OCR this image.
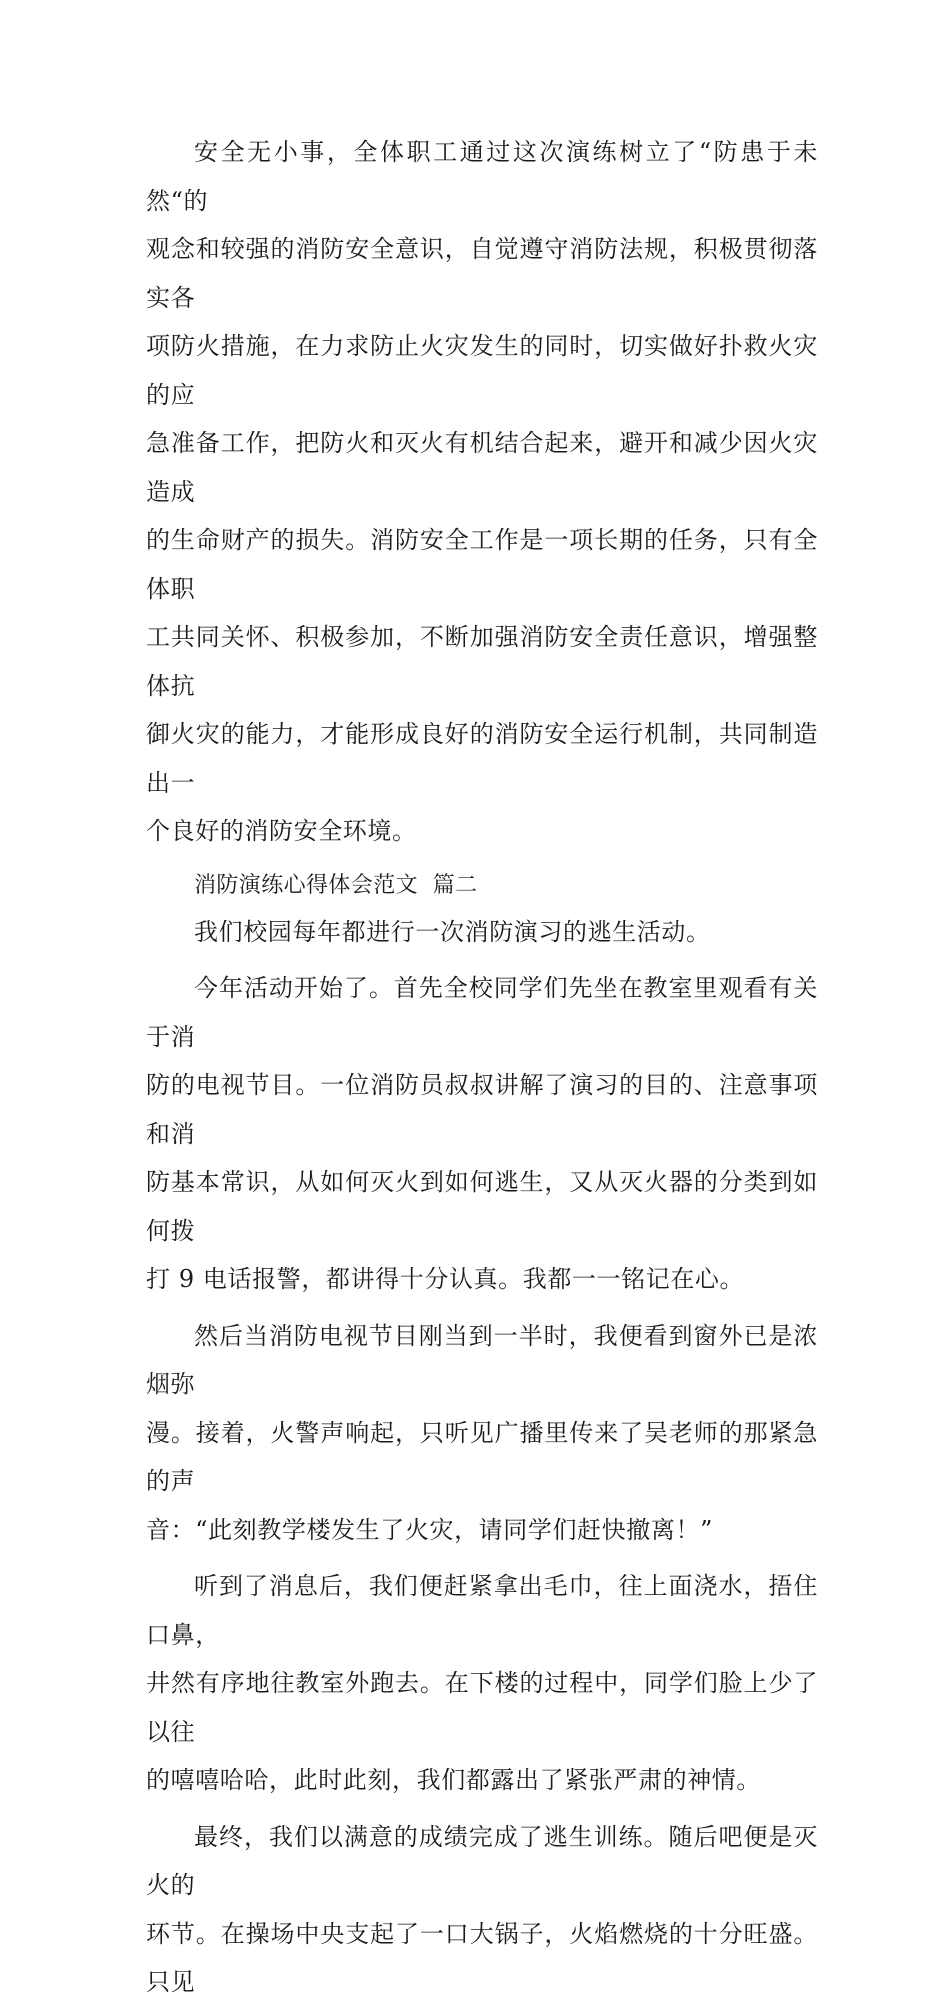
安全无小事，全体职工通过这次演练树立了“防患于未然“的
观念和较强的消防安全意识，自觉遵守消防法规，积极贯彻落实各
项防火措施，在力求防止火灾发生的同时，切实做好扑救火灾的应
急准备工作，把防火和灭火有机结合起来，避开和减少因火灾造成
的生命财产的损失。消防安全工作是一项长期的任务，只有全体职
工共同关怀、积极参加，不断加强消防安全责任意识，增强整体抗
御火灾的能力，才能形成良好的消防安全运行机制，共同制造出一
个良好的消防安全环境。

消防演练心得体会范文  篇二

我们校园每年都进行一次消防演习的逃生活动。

今年活动开始了。首先全校同学们先坐在教室里观看有关于消
防的电视节目。一位消防员叔叔讲解了演习的目的、注意事项和消
防基本常识，从如何灭火到如何逃生，又从灭火器的分类到如何拨
打 9 电话报警，都讲得十分认真。我都一一铭记在心。

然后当消防电视节目刚当到一半时，我便看到窗外已是浓烟弥
漫。接着，火警声响起，只听见广播里传来了吴老师的那紧急的声
音：“此刻教学楼发生了火灾，请同学们赶快撤离！”

听到了消息后，我们便赶紧拿出毛巾，往上面浇水，捂住口鼻，
井然有序地往教室外跑去。在下楼的过程中，同学们脸上少了以往
的嘻嘻哈哈，此时此刻，我们都露出了紧张严肃的神情。

最终，我们以满意的成绩完成了逃生训练。随后吧便是灭火的
环节。在操场中央支起了一口大锅子，火焰燃烧的十分旺盛。只见
